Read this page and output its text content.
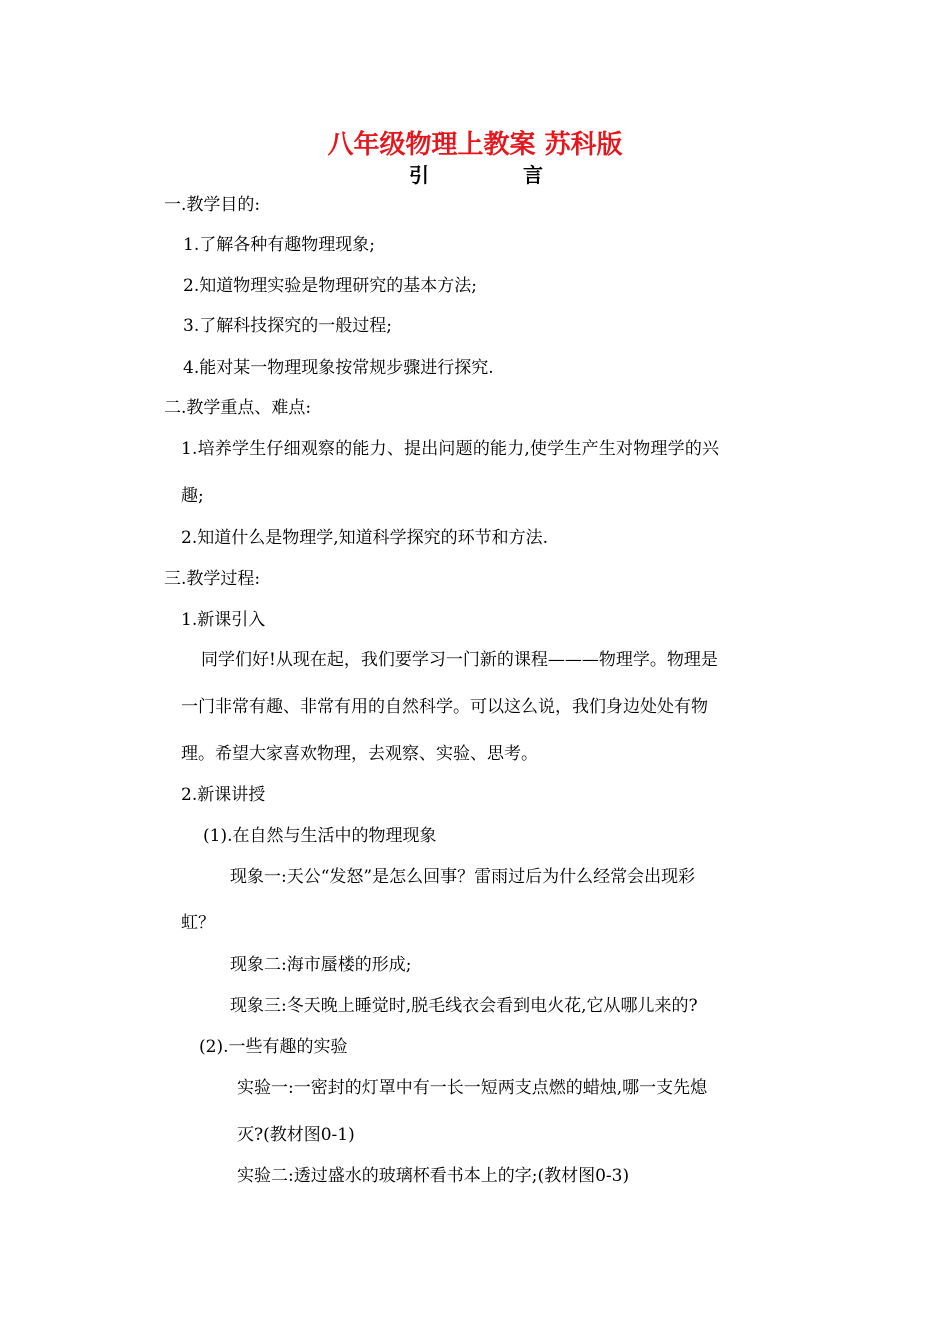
八年级物理上教案 苏科版
引	言

一.教学目的:

1.了解各种有趣物理现象;

2.知道物理实验是物理研究的基本方法;

3.了解科技探究的一般过程;

4.能对某一物理现象按常规步骤进行探究.

二.教学重点、难点:

1.培养学生仔细观察的能力、提出问题的能力,使学生产生对物理学的兴

趣;

2.知道什么是物理学,知道科学探究的环节和方法.

三.教学过程:

1.新课引入

同学们好!从现在起，我们要学习一门新的课程———物理学。物理是

一门非常有趣、非常有用的自然科学。可以这么说，我们身边处处有物

理。希望大家喜欢物理，去观察、实验、思考。

2.新课讲授

(1).在自然与生活中的物理现象

现象一:天公“发怒”是怎么回事？雷雨过后为什么经常会出现彩

虹？

现象二:海市蜃楼的形成;

现象三:冬天晚上睡觉时,脱毛线衣会看到电火花,它从哪儿来的?

(2).一些有趣的实验

实验一:一密封的灯罩中有一长一短两支点燃的蜡烛,哪一支先熄

灭?(教材图0-1)

实验二:透过盛水的玻璃杯看书本上的字;(教材图0-3)
